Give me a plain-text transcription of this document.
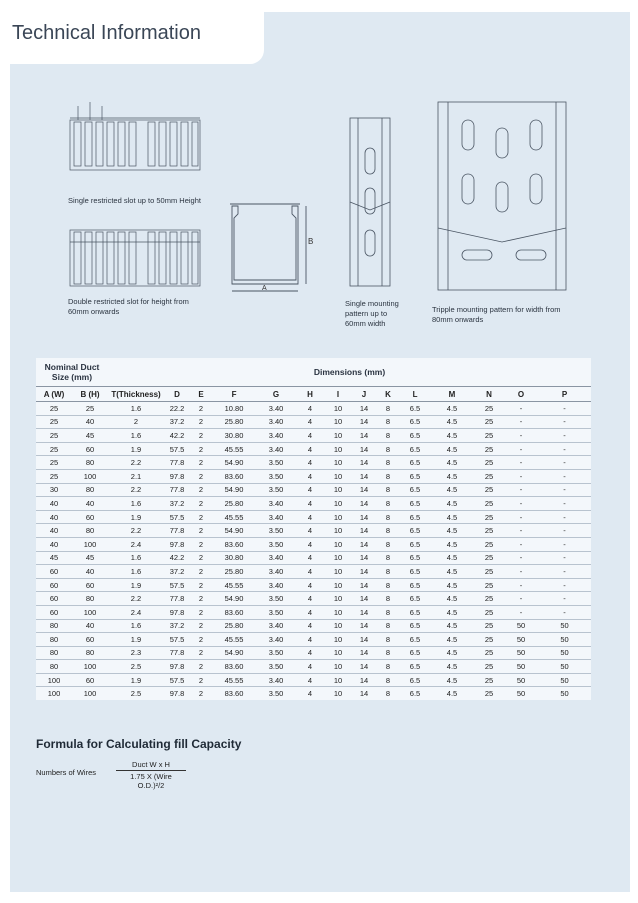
Technical Information
Single restricted slot up to 50mm Height
Double restricted slot for height from 60mm onwards
B
A
Single mounting pattern up to 60mm width
Tripple mounting pattern for width from 80mm onwards
Nominal Duct Size (mm)		Dimensions (mm)													
A (W)	B (H)	T(Thickness)	D	E	F	G	H	I	J	K	L	M	N	O	P
25	25	1.6	22.2	2	10.80	3.40	4	10	14	8	6.5	4.5	25	-	-
25	40	2	37.2	2	25.80	3.40	4	10	14	8	6.5	4.5	25	-	-
25	45	1.6	42.2	2	30.80	3.40	4	10	14	8	6.5	4.5	25	-	-
25	60	1.9	57.5	2	45.55	3.40	4	10	14	8	6.5	4.5	25	-	-
25	80	2.2	77.8	2	54.90	3.50	4	10	14	8	6.5	4.5	25	-	-
25	100	2.1	97.8	2	83.60	3.50	4	10	14	8	6.5	4.5	25	-	-
30	80	2.2	77.8	2	54.90	3.50	4	10	14	8	6.5	4.5	25	-	-
40	40	1.6	37.2	2	25.80	3.40	4	10	14	8	6.5	4.5	25	-	-
40	60	1.9	57.5	2	45.55	3.40	4	10	14	8	6.5	4.5	25	-	-
40	80	2.2	77.8	2	54.90	3.50	4	10	14	8	6.5	4.5	25	-	-
40	100	2.4	97.8	2	83.60	3.50	4	10	14	8	6.5	4.5	25	-	-
45	45	1.6	42.2	2	30.80	3.40	4	10	14	8	6.5	4.5	25	-	-
60	40	1.6	37.2	2	25.80	3.40	4	10	14	8	6.5	4.5	25	-	-
60	60	1.9	57.5	2	45.55	3.40	4	10	14	8	6.5	4.5	25	-	-
60	80	2.2	77.8	2	54.90	3.50	4	10	14	8	6.5	4.5	25	-	-
60	100	2.4	97.8	2	83.60	3.50	4	10	14	8	6.5	4.5	25	-	-
80	40	1.6	37.2	2	25.80	3.40	4	10	14	8	6.5	4.5	25	50	50
80	60	1.9	57.5	2	45.55	3.40	4	10	14	8	6.5	4.5	25	50	50
80	80	2.3	77.8	2	54.90	3.50	4	10	14	8	6.5	4.5	25	50	50
80	100	2.5	97.8	2	83.60	3.50	4	10	14	8	6.5	4.5	25	50	50
100	60	1.9	57.5	2	45.55	3.40	4	10	14	8	6.5	4.5	25	50	50
100	100	2.5	97.8	2	83.60	3.50	4	10	14	8	6.5	4.5	25	50	50
Formula for Calculating fill Capacity
Numbers of Wires
Duct W x H
1.75 X (Wire O.D.)²/2
